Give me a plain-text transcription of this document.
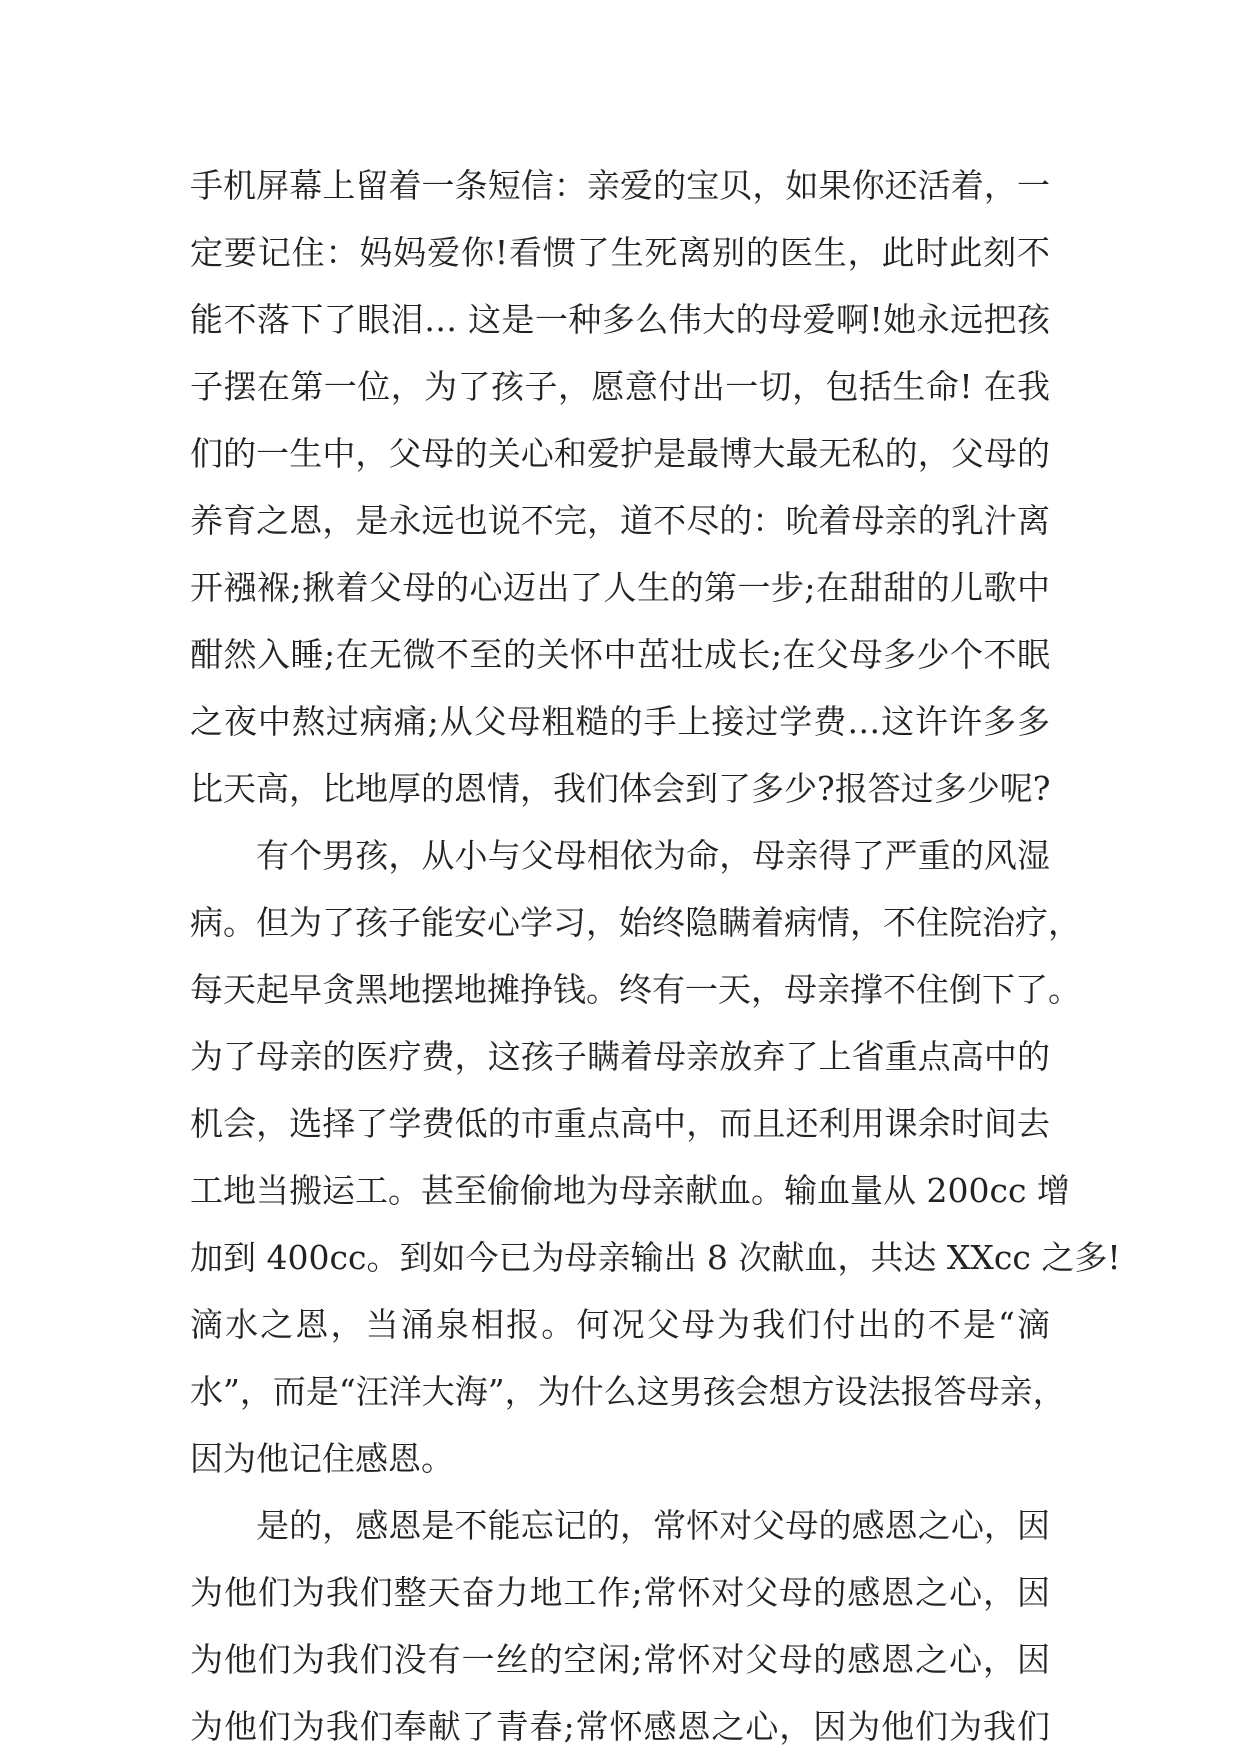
手机屏幕上留着一条短信：亲爱的宝贝，如果你还活着，一
定要记住：妈妈爱你!看惯了生死离别的医生，此时此刻不
能不落下了眼泪… 这是一种多么伟大的母爱啊!她永远把孩
子摆在第一位，为了孩子，愿意付出一切，包括生命! 在我
们的一生中，父母的关心和爱护是最博大最无私的，父母的
养育之恩，是永远也说不完，道不尽的：吮着母亲的乳汁离
开襁褓;揪着父母的心迈出了人生的第一步;在甜甜的儿歌中
酣然入睡;在无微不至的关怀中茁壮成长;在父母多少个不眠
之夜中熬过病痛;从父母粗糙的手上接过学费…这许许多多
比天高，比地厚的恩情，我们体会到了多少?报答过多少呢?
有个男孩，从小与父母相依为命，母亲得了严重的风湿
病。但为了孩子能安心学习，始终隐瞒着病情，不住院治疗，
每天起早贪黑地摆地摊挣钱。终有一天，母亲撑不住倒下了。
为了母亲的医疗费，这孩子瞒着母亲放弃了上省重点高中的
机会，选择了学费低的市重点高中，而且还利用课余时间去
工地当搬运工。甚至偷偷地为母亲献血。输血量从 200cc 增
加到 400cc。到如今已为母亲输出 8 次献血，共达 XXcc 之多!
滴水之恩，当涌泉相报。何况父母为我们付出的不是“滴
水”，而是“汪洋大海”，为什么这男孩会想方设法报答母亲，
因为他记住感恩。
是的，感恩是不能忘记的，常怀对父母的感恩之心，因
为他们为我们整天奋力地工作;常怀对父母的感恩之心，因
为他们为我们没有一丝的空闲;常怀对父母的感恩之心，因
为他们为我们奉献了青春;常怀感恩之心，因为他们为我们
